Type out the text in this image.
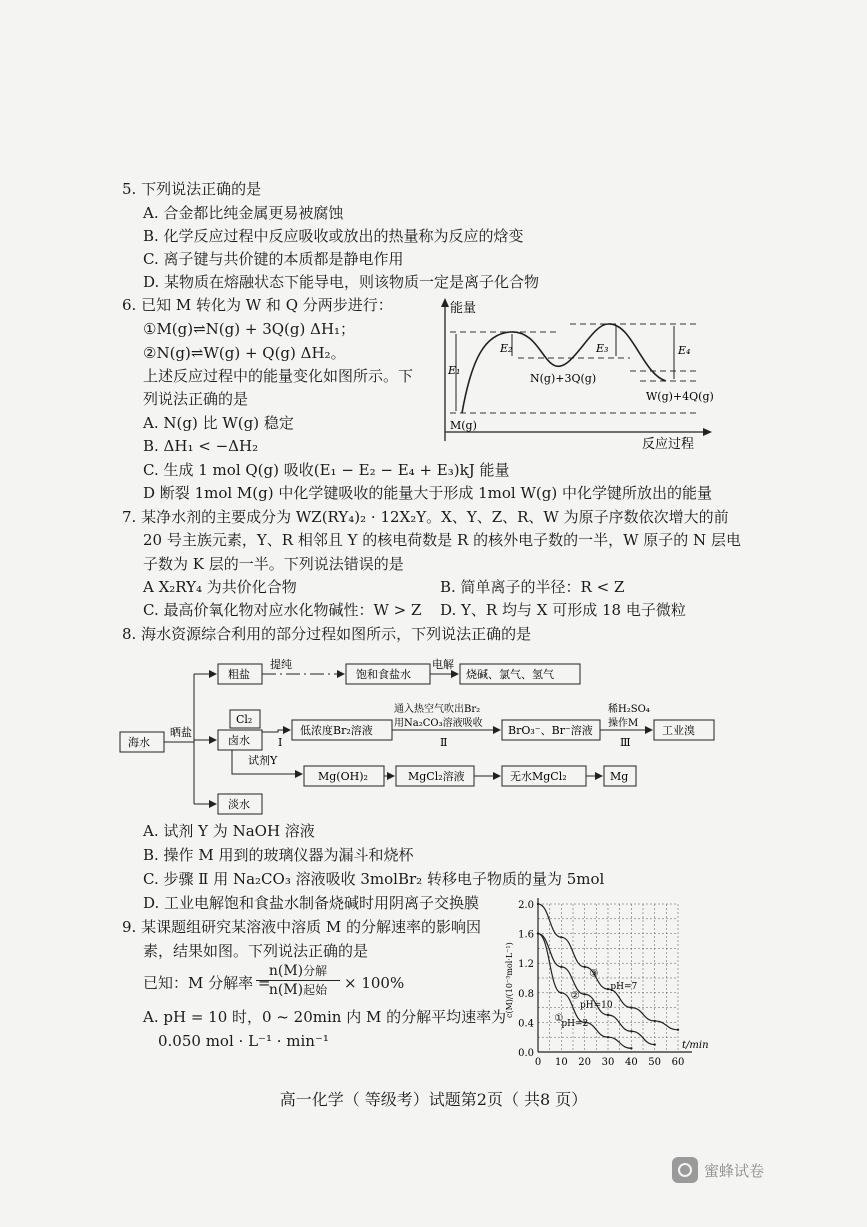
5. 下列说法正确的是
A. 合金都比纯金属更易被腐蚀
B. 化学反应过程中反应吸收或放出的热量称为反应的焓变
C. 离子键与共价键的本质都是静电作用
D. 某物质在熔融状态下能导电，则该物质一定是离子化合物
6. 已知 M 转化为 W 和 Q 分两步进行：
①M(g)⇌N(g) + 3Q(g) ΔH₁；
②N(g)⇌W(g) + Q(g) ΔH₂。
上述反应过程中的能量变化如图所示。下
列说法正确的是
A. N(g) 比 W(g) 稳定
B. ΔH₁ < −ΔH₂
C. 生成 1 mol Q(g) 吸收(E₁ − E₂ − E₄ + E₃)kJ 能量
D 断裂 1mol M(g) 中化学键吸收的能量大于形成 1mol W(g) 中化学键所放出的能量
能量
反应过程
E₁
E₂	E₃	E₄
M(g)
N(g)+3Q(g)
W(g)+4Q(g)
7. 某净水剂的主要成分为 WZ(RY₄)₂ · 12X₂Y。X、Y、Z、R、W 为原子序数依次增大的前
20 号主族元素，Y、R 相邻且 Y 的核电荷数是 R 的核外电子数的一半，W 原子的 N 层电
子数为 K 层的一半。下列说法错误的是
A X₂RY₄ 为共价化合物	B. 简单离子的半径：R < Z
C. 最高价氧化物对应水化物碱性：W > Z D. Y、R 均与 X 可形成 18 电子微粒
8. 海水资源综合利用的部分过程如图所示，下列说法正确的是
海水
晒盐
粗盐
提纯
饱和食盐水
电解
烧碱、氯气、氢气
Cl₂
卤水	I
低浓度Br₂溶液
通入热空气吹出Br₂
用Na₂CO₃溶液吸收
Ⅱ
BrO₃⁻、Br⁻溶液
稀H₂SO₄
操作M
Ⅲ
工业溴
试剂Y
Mg(OH)₂	MgCl₂溶液	无水MgCl₂	Mg
淡水
A. 试剂 Y 为 NaOH 溶液
B. 操作 M 用到的玻璃仪器为漏斗和烧杯
C. 步骤 Ⅱ 用 Na₂CO₃ 溶液吸收 3molBr₂ 转移电子物质的量为 5mol
D. 工业电解饱和食盐水制备烧碱时用阴离子交换膜
9. 某课题组研究某溶液中溶质 M 的分解速率的影响因
素，结果如图。下列说法正确的是
已知：M 分解率 =
n(M)分解
n(M)起始	× 100%
A. pH = 10 时，0 ~ 20min 内 M 的分解平均速率为
0.050 mol · L⁻¹ · min⁻¹
0 10 20 30 40 50 60
0.0
0.4
0.8
1.2
1.6
2.0
t/min
c(M)/(10⁻³mol·L⁻¹)
①
pH=2
②
pH=10
③
pH=7
高一化学（ 等级考）试题第2页（ 共8 页）
蜜蜂试卷
